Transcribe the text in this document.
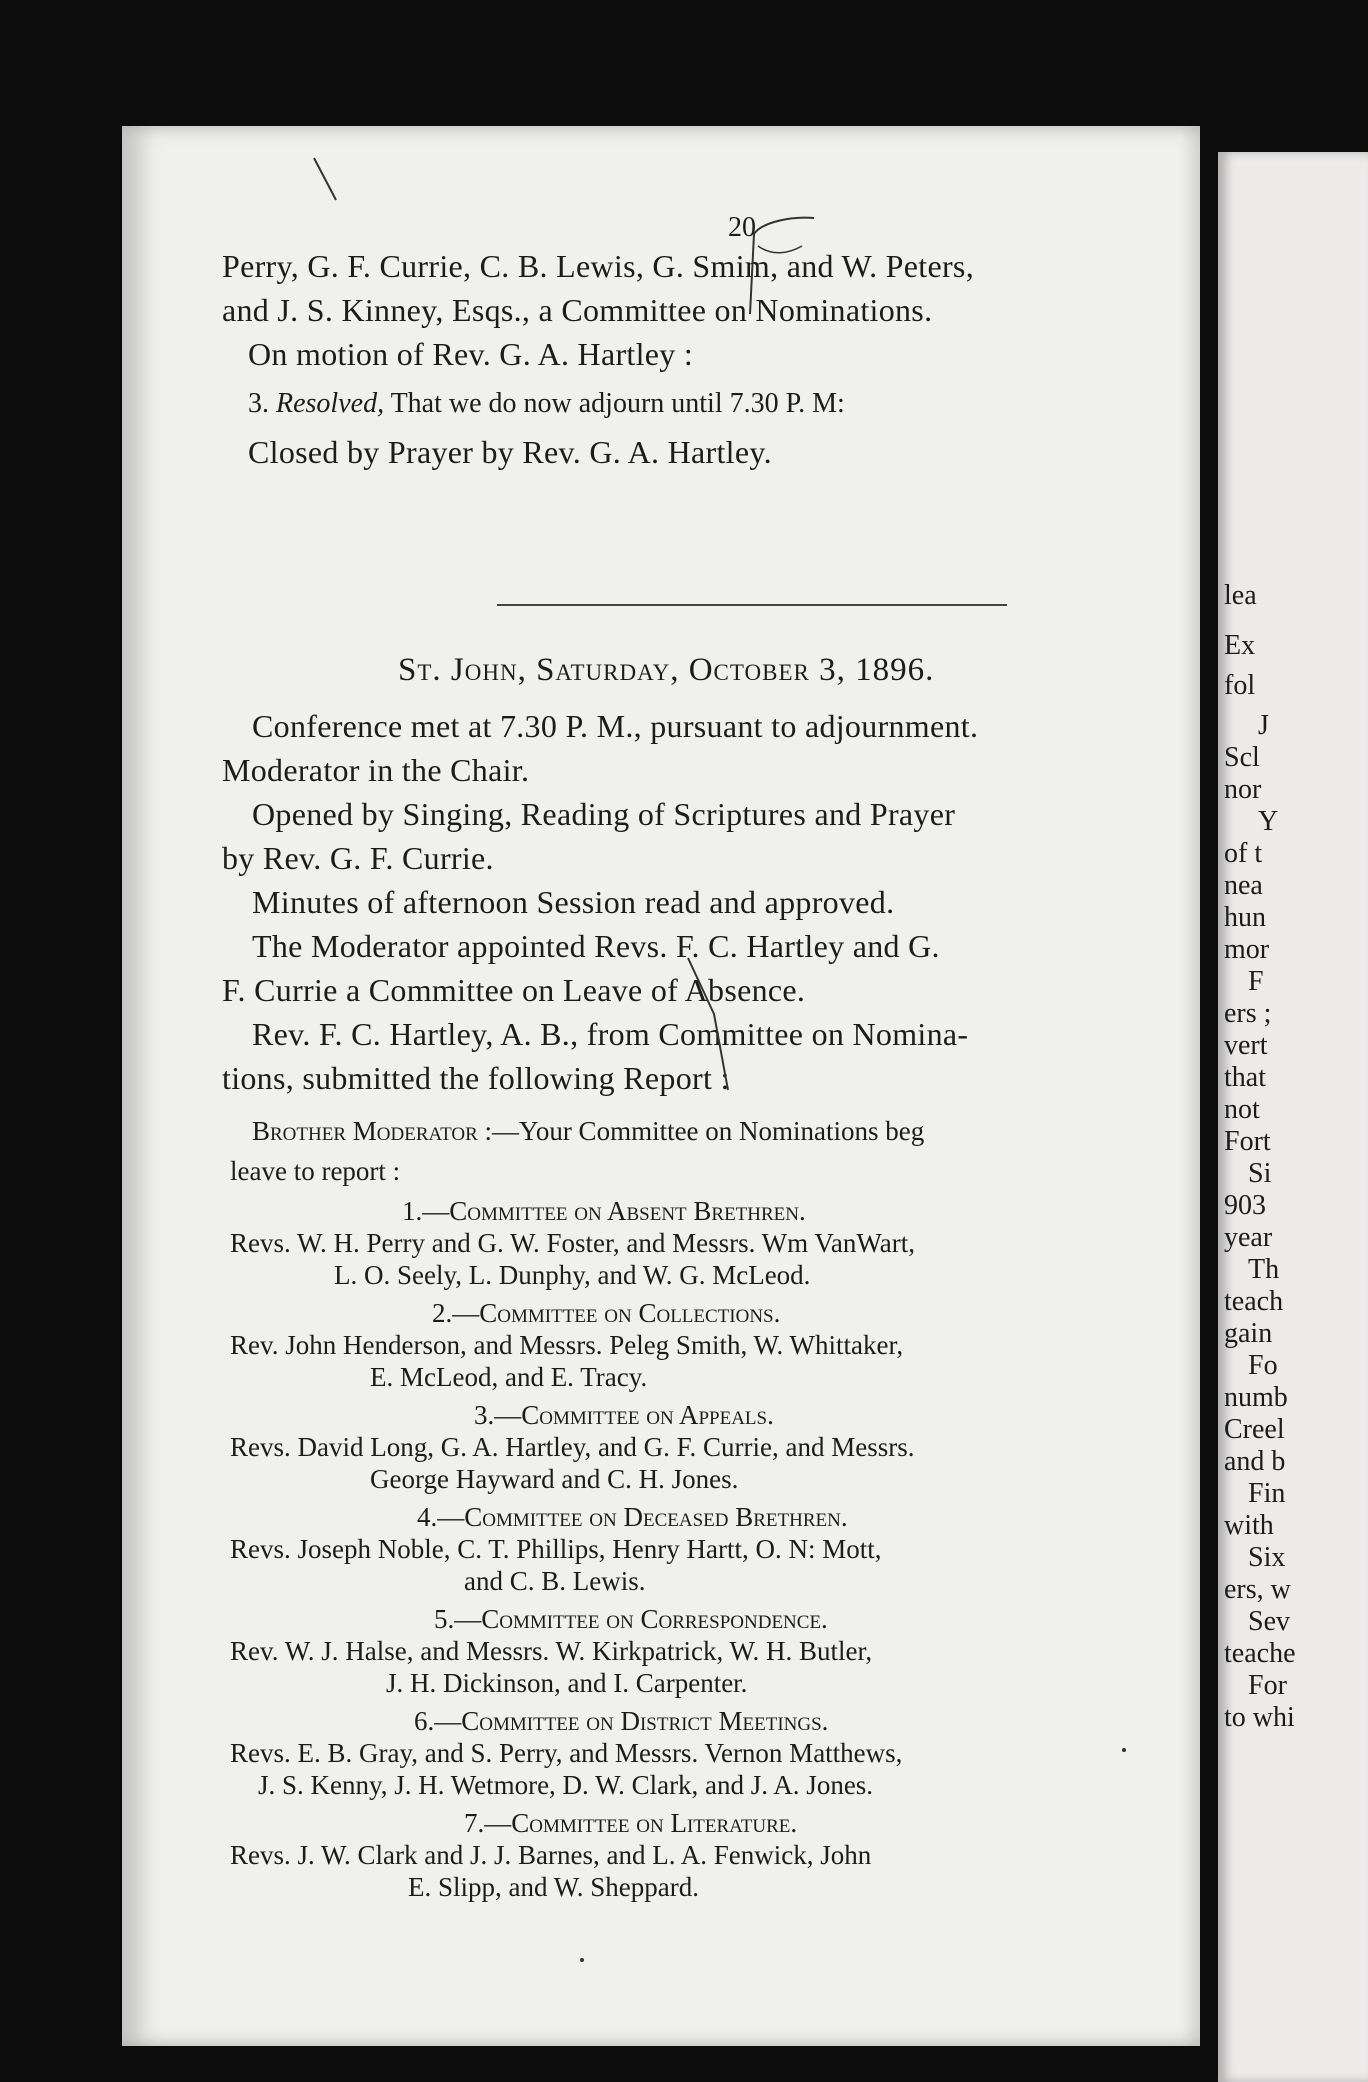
20
Perry, G. F. Currie, C. B. Lewis, G. Smim, and W. Peters,
and J. S. Kinney, Esqs., a Committee on Nominations.
On motion of Rev. G. A. Hartley :
3. Resolved, That we do now adjourn until 7.30 P. M:
Closed by Prayer by Rev. G. A. Hartley.
St. John, Saturday, October 3, 1896.
Conference met at 7.30 P. M., pursuant to adjournment.
Moderator in the Chair.
Opened by Singing, Reading of Scriptures and Prayer
by Rev. G. F. Currie.
Minutes of afternoon Session read and approved.
The Moderator appointed Revs. F. C. Hartley and G.
F. Currie a Committee on Leave of Absence.
Rev. F. C. Hartley, A. B., from Committee on Nomina-
tions, submitted the following Report :
Brother Moderator :—Your Committee on Nominations beg
leave to report :
1.—Committee on Absent Brethren.
Revs. W. H. Perry and G. W. Foster, and Messrs. Wm VanWart,
L. O. Seely, L. Dunphy, and W. G. McLeod.
2.—Committee on Collections.
Rev. John Henderson, and Messrs. Peleg Smith, W. Whittaker,
E. McLeod, and E. Tracy.
3.—Committee on Appeals.
Revs. David Long, G. A. Hartley, and G. F. Currie, and Messrs.
George Hayward and C. H. Jones.
4.—Committee on Deceased Brethren.
Revs. Joseph Noble, C. T. Phillips, Henry Hartt, O. N: Mott,
and C. B. Lewis.
5.—Committee on Correspondence.
Rev. W. J. Halse, and Messrs. W. Kirkpatrick, W. H. Butler,
J. H. Dickinson, and I. Carpenter.
6.—Committee on District Meetings.
Revs. E. B. Gray, and S. Perry, and Messrs. Vernon Matthews,
J. S. Kenny, J. H. Wetmore, D. W. Clark, and J. A. Jones.
7.—Committee on Literature.
Revs. J. W. Clark and J. J. Barnes, and L. A. Fenwick, John
E. Slipp, and W. Sheppard.
lea
Ex
fol
J
Scl
nor
Y
of t
nea
hun
mor
F
ers ;
vert
that
not
Fort
Si
903
year
Th
teach
gain
Fo
numb
Creel
and b
Fin
with
Six
ers, w
Sev
teache
For
to whi
